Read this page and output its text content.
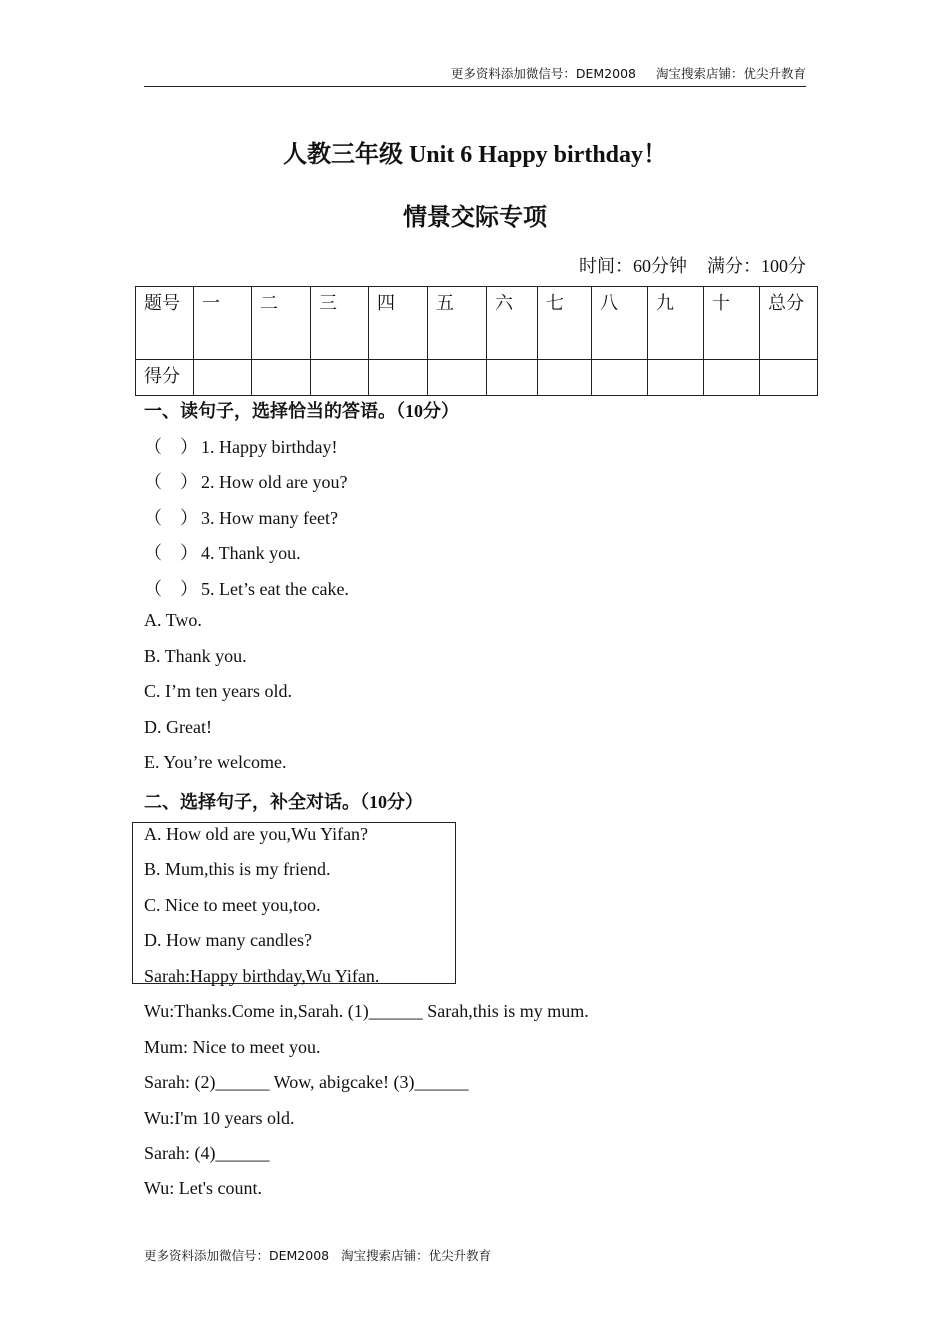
更多资料添加微信号：DEM2008 淘宝搜索店铺：优尖升教育
人教三年级 Unit 6 Happy birthday！
情景交际专项
时间：60分钟 满分：100分
题号	一	二	三	四	五	六	七	八	九	十	总分
得分											
一、读句子，选择恰当的答语。（10分）
（　） 1. Happy birthday!
（　） 2. How old are you?
（　） 3. How many feet?
（　） 4. Thank you.
（　） 5. Let’s eat the cake.
A. Two.
B. Thank you.
C. I’m ten years old.
D. Great!
E. You’re welcome.
二、选择句子，补全对话。（10分）
A. How old are you,Wu Yifan?
B. Mum,this is my friend.
C. Nice to meet you,too.
D. How many candles?
Sarah:Happy birthday,Wu Yifan.
Wu:Thanks.Come in,Sarah. (1)______ Sarah,this is my mum.
Mum: Nice to meet you.
Sarah: (2)______ Wow, abigcake! (3)______
Wu:I'm 10 years old.
Sarah: (4)______
Wu: Let's count.
更多资料添加微信号：DEM2008 淘宝搜索店铺：优尖升教育
